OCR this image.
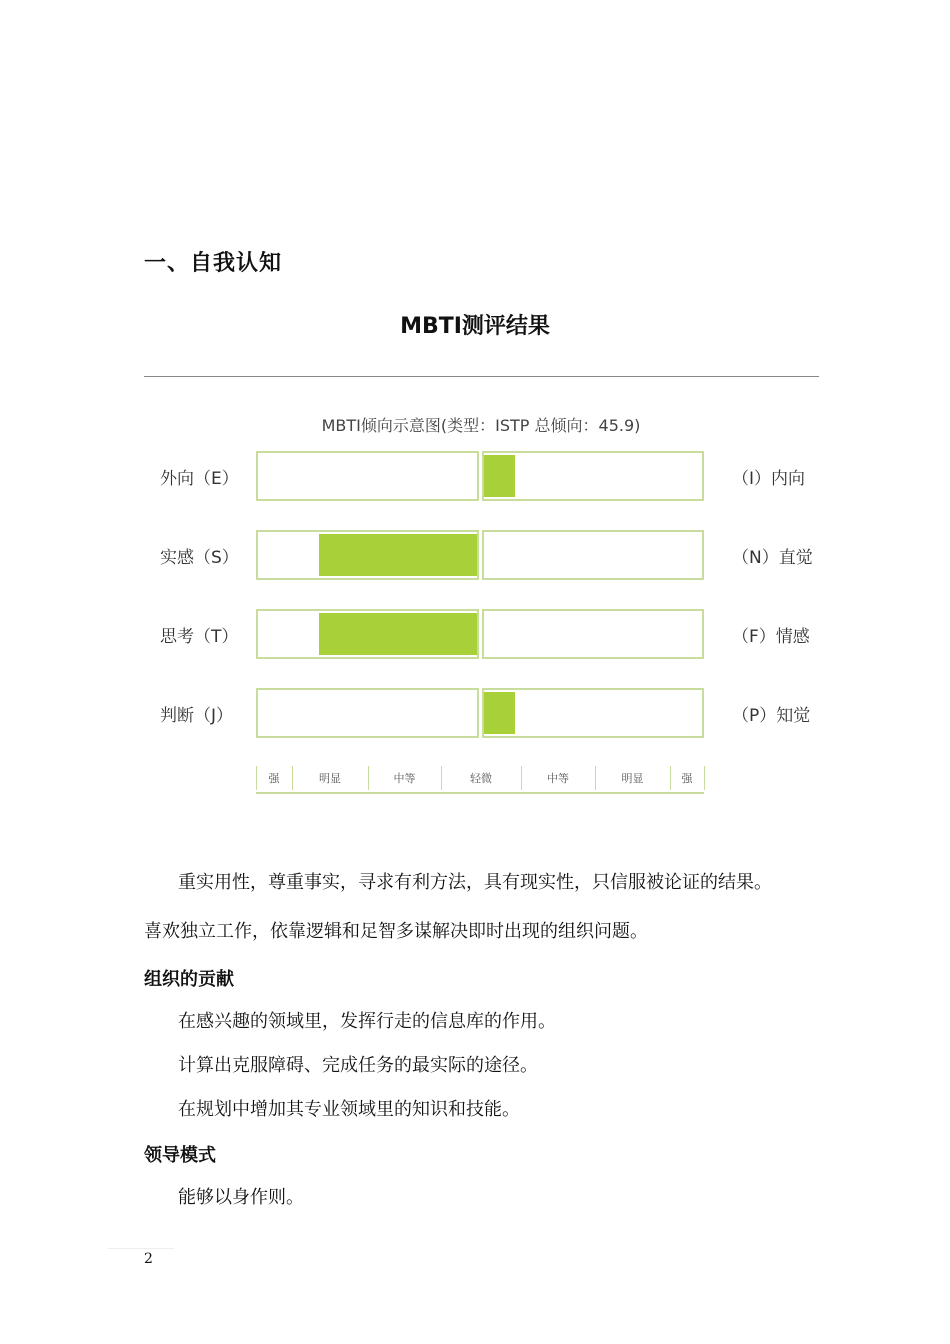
一、自我认知
MBTI测评结果
MBTI倾向示意图(类型：ISTP 总倾向：45.9)
外向（E）	（I）内向
实感（S）	（N）直觉
思考（T）	（F）情感
判断（J）	（P）知觉
强	明显	中等	轻微	中等	明显	强
重实用性，尊重事实，寻求有利方法，具有现实性，只信服被论证的结果。
喜欢独立工作，依靠逻辑和足智多谋解决即时出现的组织问题。
组织的贡献
在感兴趣的领域里，发挥行走的信息库的作用。
计算出克服障碍、完成任务的最实际的途径。
在规划中增加其专业领域里的知识和技能。
领导模式
能够以身作则。
2
